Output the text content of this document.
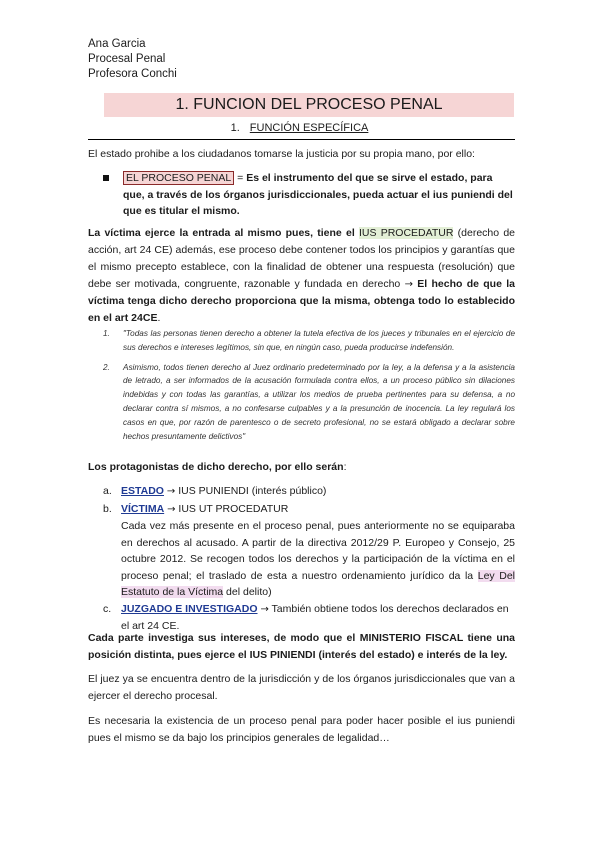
Ana Garcia
Procesal Penal
Profesora Conchi
1. FUNCION DEL PROCESO PENAL
1. FUNCIÓN ESPECÍFICA
El estado prohibe a los ciudadanos tomarse la justicia por su propia mano, por ello:
EL PROCESO PENAL = Es el instrumento del que se sirve el estado, para que, a través de los órganos jurisdiccionales, pueda actuar el ius puniendi del que es titular el mismo.
La víctima ejerce la entrada al mismo pues, tiene el IUS PROCEDATUR (derecho de acción, art 24 CE) además, ese proceso debe contener todos los principios y garantías que el mismo precepto establece, con la finalidad de obtener una respuesta (resolución) que debe ser motivada, congruente, razonable y fundada en derecho → El hecho de que la víctima tenga dicho derecho proporciona que la misma, obtenga todo lo establecido en el art 24CE.
1. "Todas las personas tienen derecho a obtener la tutela efectiva de los jueces y tribunales en el ejercicio de sus derechos e intereses legítimos, sin que, en ningún caso, pueda producirse indefensión.
2. Asimismo, todos tienen derecho al Juez ordinario predeterminado por la ley, a la defensa y a la asistencia de letrado, a ser informados de la acusación formulada contra ellos, a un proceso público sin dilaciones indebidas y con todas las garantías, a utilizar los medios de prueba pertinentes para su defensa, a no declarar contra sí mismos, a no confesarse culpables y a la presunción de inocencia. La ley regulará los casos en que, por razón de parentesco o de secreto profesional, no se estará obligado a declarar sobre hechos presuntamente delictivos"
Los protagonistas de dicho derecho, por ello serán:
a. ESTADO → IUS PUNIENDI (interés público)
b. VÍCTIMA → IUS UT PROCEDATUR
Cada vez más presente en el proceso penal, pues anteriormente no se equiparaba en derechos al acusado. A partir de la directiva 2012/29 P. Europeo y Consejo, 25 octubre 2012. Se recogen todos los derechos y la participación de la víctima en el proceso penal; el traslado de esta a nuestro ordenamiento jurídico da la Ley Del Estatuto de la Víctima del delito)
c. JUZGADO E INVESTIGADO → También obtiene todos los derechos declarados en el art 24 CE.
Cada parte investiga sus intereses, de modo que el MINISTERIO FISCAL tiene una posición distinta, pues ejerce el IUS PINIENDI (interés del estado) e interés de la ley.
El juez ya se encuentra dentro de la jurisdicción y de los órganos jurisdiccionales que van a ejercer el derecho procesal.
Es necesaria la existencia de un proceso penal para poder hacer posible el ius puniendi pues el mismo se da bajo los principios generales de legalidad…
